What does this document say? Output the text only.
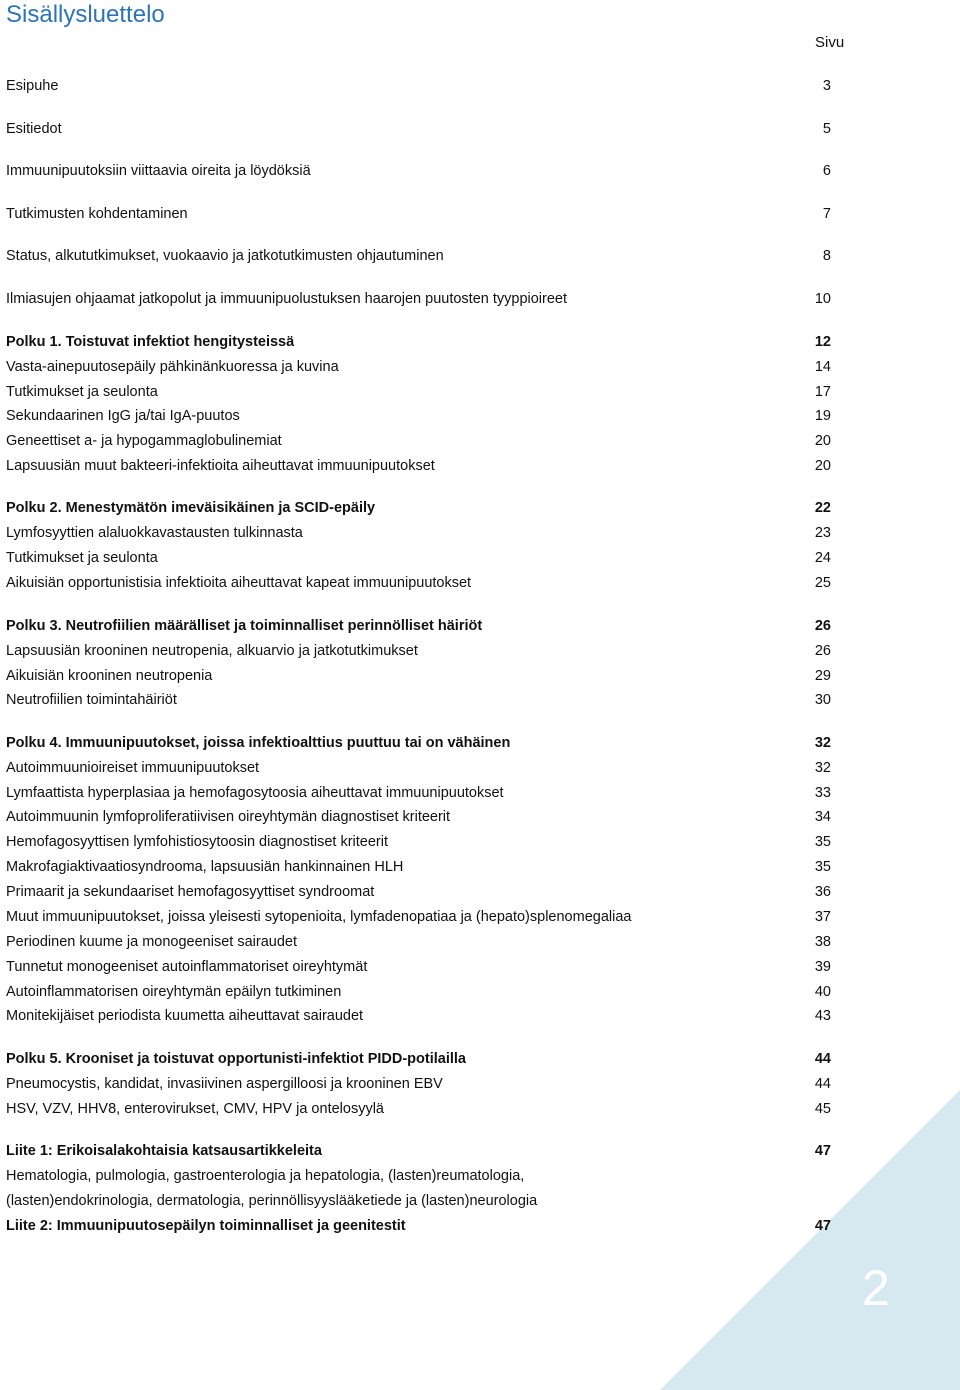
Sisällysluettelo
Sivu
Esipuhe	3
Esitiedot	5
Immuunipuutoksiin viittaavia oireita ja löydöksiä	6
Tutkimusten kohdentaminen	7
Status, alkututkimukset, vuokaavio ja jatkotutkimusten ohjautuminen	8
Ilmiasujen ohjaamat jatkopolut ja immuunipuolustuksen haarojen puutosten tyyppioireet	10
Polku 1. Toistuvat infektiot hengitysteissä	12
Vasta-ainepuutosepäily pähkinänkuoressa ja kuvina	14
Tutkimukset ja seulonta	17
Sekundaarinen IgG ja/tai IgA-puutos	19
Geneettiset a- ja hypogammaglobulinemiat	20
Lapsuusiän muut bakteeri-infektioita aiheuttavat immuunipuutokset	20
Polku 2. Menestymätön imeväisikäinen ja SCID-epäily	22
Lymfosyyttien alaluokkavastausten tulkinnasta	23
Tutkimukset ja seulonta	24
Aikuisiän opportunistisia infektioita aiheuttavat kapeat immuunipuutokset	25
Polku 3. Neutrofiilien määrälliset ja toiminnalliset perinnölliset häiriöt	26
Lapsuusiän krooninen neutropenia, alkuarvio ja jatkotutkimukset	26
Aikuisiän krooninen neutropenia	29
Neutrofiilien toimintahäiriöt	30
Polku 4. Immuunipuutokset, joissa infektioalttius puuttuu tai on vähäinen	32
Autoimmuunioireiset immuunipuutokset	32
Lymfaattista hyperplasiaa ja hemofagosytoosia aiheuttavat immuunipuutokset	33
Autoimmuunin lymfoproliferatiivisen oireyhtymän diagnostiset kriteerit	34
Hemofagosyyttisen lymfohistiosytoosin diagnostiset kriteerit	35
Makrofagiaktivaatiosyndrooma, lapsuusiän hankinnainen HLH	35
Primaarit ja sekundaariset hemofagosyyttiset syndroomat	36
Muut immuunipuutokset, joissa yleisesti sytopenioita, lymfadenopatiaa ja (hepato)splenomegaliaa	37
Periodinen kuume ja monogeeniset sairaudet	38
Tunnetut monogeeniset autoinflammatoriset oireyhtymät	39
Autoinflammatorisen oireyhtymän epäilyn tutkiminen	40
Monitekijäiset periodista kuumetta aiheuttavat sairaudet	43
Polku 5. Krooniset ja toistuvat opportunisti-infektiot PIDD-potilailla	44
Pneumocystis, kandidat, invasiivinen aspergilloosi ja krooninen EBV	44
HSV, VZV, HHV8, enterovirukset, CMV, HPV ja ontelosyylä	45
Liite 1: Erikoisalakohtaisia katsausartikkeleita	47
Hematologia, pulmologia, gastroenterologia ja hepatologia, (lasten)reumatologia,
(lasten)endokrinologia, dermatologia, perinnöllisyyslääketiede ja (lasten)neurologia
Liite 2: Immuunipuutosepäilyn toiminnalliset ja geenitestit	47
2
